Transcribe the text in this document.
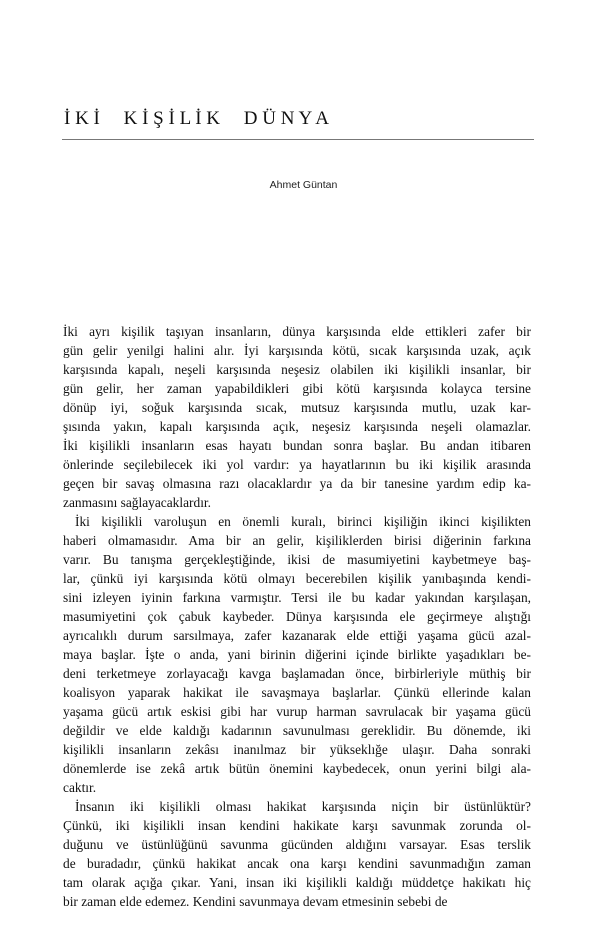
İ K İ     K İ Ş İ L İ K     D Ü N Y A
Ahmet Güntan

İki ayrı kişilik taşıyan insanların, dünya karşısında elde ettikleri zafer bir
gün gelir yenilgi halini alır. İyi karşısında kötü, sıcak karşısında uzak, açık
karşısında kapalı, neşeli karşısında neşesiz olabilen iki kişilikli insanlar, bir
gün gelir, her zaman yapabildikleri gibi kötü karşısında kolayca tersine
dönüp iyi, soğuk karşısında sıcak, mutsuz karşısında mutlu, uzak kar-
şısında yakın, kapalı karşısında açık, neşesiz karşısında neşeli olamazlar.
İki kişilikli insanların esas hayatı bundan sonra başlar. Bu andan itibaren
önlerinde seçilebilecek iki yol vardır: ya hayatlarının bu iki kişilik arasında
geçen bir savaş olmasına razı olacaklardır ya da bir tanesine yardım edip ka-
zanmasını sağlayacaklardır.

İki kişilikli varoluşun en önemli kuralı, birinci kişiliğin ikinci kişilikten
haberi olmamasıdır. Ama bir an gelir, kişiliklerden birisi diğerinin farkına
varır. Bu tanışma gerçekleştiğinde, ikisi de masumiyetini kaybetmeye baş-
lar, çünkü iyi karşısında kötü olmayı becerebilen kişilik yanıbaşında kendi-
sini izleyen iyinin farkına varmıştır. Tersi ile bu kadar yakından karşılaşan,
masumiyetini çok çabuk kaybeder. Dünya karşısında ele geçirmeye alıştığı
ayrıcalıklı durum sarsılmaya, zafer kazanarak elde ettiği yaşama gücü azal-
maya başlar. İşte o anda, yani birinin diğerini içinde birlikte yaşadıkları be-
deni terketmeye zorlayacağı kavga başlamadan önce, birbirleriyle müthiş bir
koalisyon yaparak hakikat ile savaşmaya başlarlar. Çünkü ellerinde kalan
yaşama gücü artık eskisi gibi har vurup harman savrulacak bir yaşama gücü
değildir ve elde kaldığı kadarının savunulması gereklidir. Bu dönemde, iki
kişilikli insanların zekâsı inanılmaz bir yükseklığe ulaşır. Daha sonraki
dönemlerde ise zekâ artık bütün önemini kaybedecek, onun yerini bilgi ala-
caktır.

İnsanın iki kişilikli olması hakikat karşısında niçin bir üstünlüktür?
Çünkü, iki kişilikli insan kendini hakikate karşı savunmak zorunda ol-
duğunu ve üstünlüğünü savunma gücünden aldığını varsayar. Esas terslik
de buradadır, çünkü hakikat ancak ona karşı kendini savunmadığın zaman
tam olarak açığa çıkar. Yani, insan iki kişilikli kaldığı müddetçe hakikatı hiç
bir zaman elde edemez. Kendini savunmaya devam etmesinin sebebi de
